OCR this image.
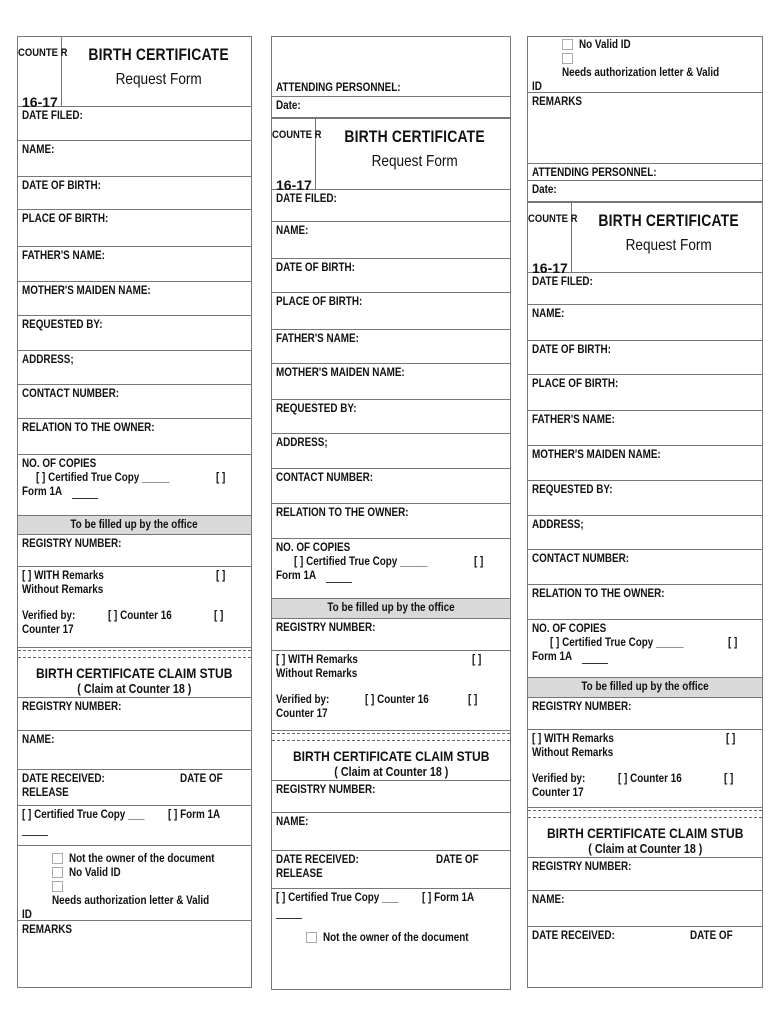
COUNTE R
16-17
BIRTH CERTIFICATE
Request Form
DATE FILED:
NAME:
DATE OF BIRTH:
PLACE OF BIRTH:
FATHER'S NAME:
MOTHER'S MAIDEN NAME:
REQUESTED BY:
ADDRESS;
CONTACT NUMBER:
RELATION TO THE OWNER:
NO. OF COPIES
[ ] Certified True Copy _____	[ ]

Form 1A
To be filled up by the office
REGISTRY NUMBER:
[ ] WITH Remarks	[ ]

Without Remarks
Verified by:	[ ] Counter 16	[ ]

Counter 17
BIRTH CERTIFICATE CLAIM STUB
( Claim at Counter 18 )
REGISTRY NUMBER:
NAME:
DATE RECEIVED:	DATE OF

RELEASE
[ ] Certified True Copy ___ [ ] Form 1A

Not the owner of the document
No Valid ID
Needs authorization letter & Valid
ID
REMARKS
ATTENDING PERSONNEL:
Date:
COUNTE R
16-17
BIRTH CERTIFICATE
Request Form
DATE FILED:
NAME:
DATE OF BIRTH:
PLACE OF BIRTH:
FATHER'S NAME:
MOTHER'S MAIDEN NAME:
REQUESTED BY:
ADDRESS;
CONTACT NUMBER:
RELATION TO THE OWNER:
NO. OF COPIES
[ ] Certified True Copy _____	[ ]

Form 1A
To be filled up by the office
REGISTRY NUMBER:
[ ] WITH Remarks	[ ]

Without Remarks
Verified by:	[ ] Counter 16	[ ]

Counter 17
BIRTH CERTIFICATE CLAIM STUB
( Claim at Counter 18 )
REGISTRY NUMBER:
NAME:
DATE RECEIVED:	DATE OF

RELEASE
[ ] Certified True Copy ___ [ ] Form 1A

Not the owner of the document
No Valid ID
Needs authorization letter & Valid
ID
REMARKS
ATTENDING PERSONNEL:
Date:
COUNTE R
16-17
BIRTH CERTIFICATE
Request Form
DATE FILED:
NAME:
DATE OF BIRTH:
PLACE OF BIRTH:
FATHER'S NAME:
MOTHER'S MAIDEN NAME:
REQUESTED BY:
ADDRESS;
CONTACT NUMBER:
RELATION TO THE OWNER:
NO. OF COPIES
[ ] Certified True Copy _____	[ ]

Form 1A
To be filled up by the office
REGISTRY NUMBER:
[ ] WITH Remarks	[ ]

Without Remarks
Verified by:	[ ] Counter 16	[ ]

Counter 17
BIRTH CERTIFICATE CLAIM STUB
( Claim at Counter 18 )
REGISTRY NUMBER:
NAME:
DATE RECEIVED:	DATE OF
